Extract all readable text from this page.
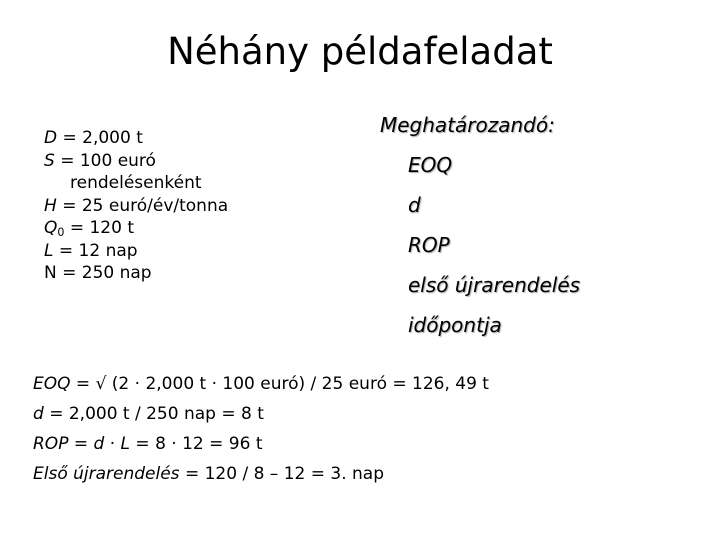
Néhány példafeladat
D = 2,000 t
S = 100 euró
rendelésenként
H = 25 euró/év/tonna
$Q_0 = 120$ t
L = 12 nap
N = 250 nap
Meghatározandó:
EOQ
d
ROP
első újrarendelés
időpontja
EOQ = √ (2 · 2,000 t · 100 euró) / 25 euró = 126, 49 t
d = 2,000 t / 250 nap = 8 t
ROP = d · L = 8 · 12 = 96 t
Első újrarendelés = 120 / 8 – 12 = 3. nap
